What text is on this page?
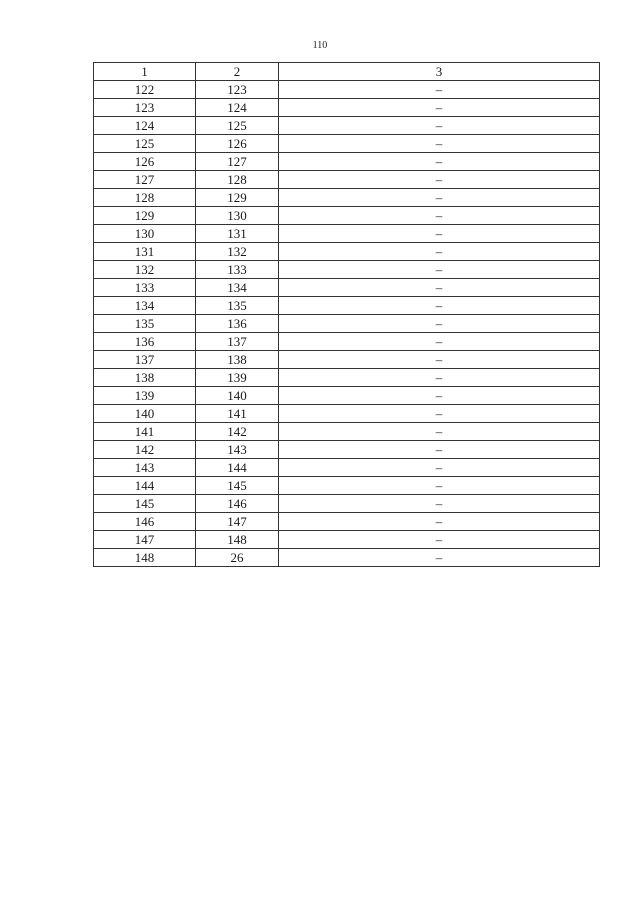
110
1	2	3
122	123	–
123	124	–
124	125	–
125	126	–
126	127	–
127	128	–
128	129	–
129	130	–
130	131	–
131	132	–
132	133	–
133	134	–
134	135	–
135	136	–
136	137	–
137	138	–
138	139	–
139	140	–
140	141	–
141	142	–
142	143	–
143	144	–
144	145	–
145	146	–
146	147	–
147	148	–
148	26	–
